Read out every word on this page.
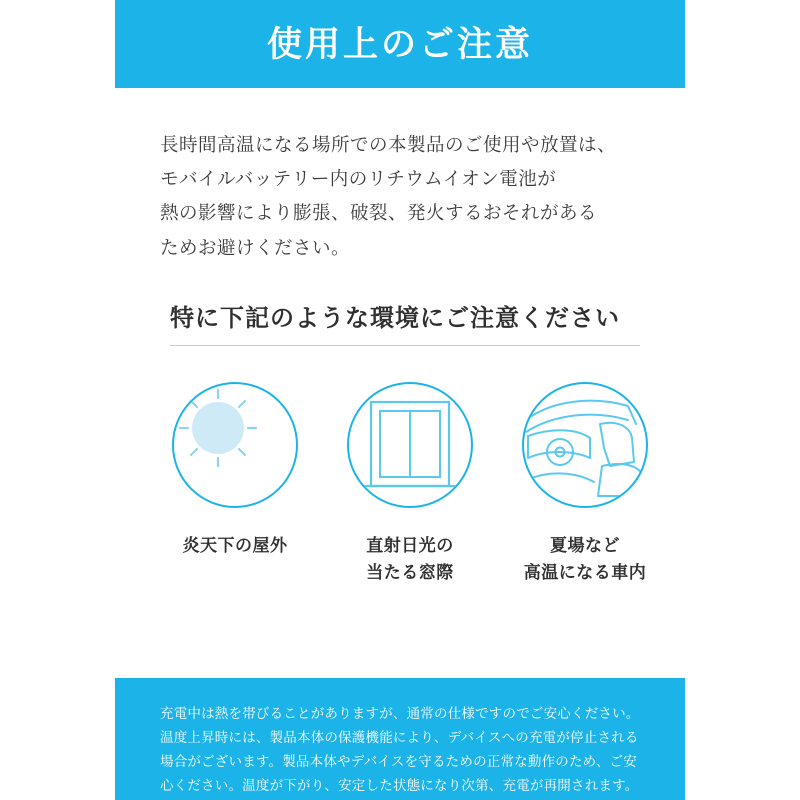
使用上のご注意
長時間高温になる場所での本製品のご使用や放置は、
モバイルバッテリー内のリチウムイオン電池が
熱の影響により膨張、破裂、発火するおそれがある
ためお避けください。
特に下記のような環境にご注意ください
炎天下の屋外	直射日光の
当たる窓際
夏場など
高温になる車内
充電中は熱を帯びることがありますが、通常の仕様ですのでご安心ください。
温度上昇時には、製品本体の保護機能により、デバイスへの充電が停止される
場合がございます。製品本体やデバイスを守るための正常な動作のため、ご安
心ください。温度が下がり、安定した状態になり次第、充電が再開されます。
